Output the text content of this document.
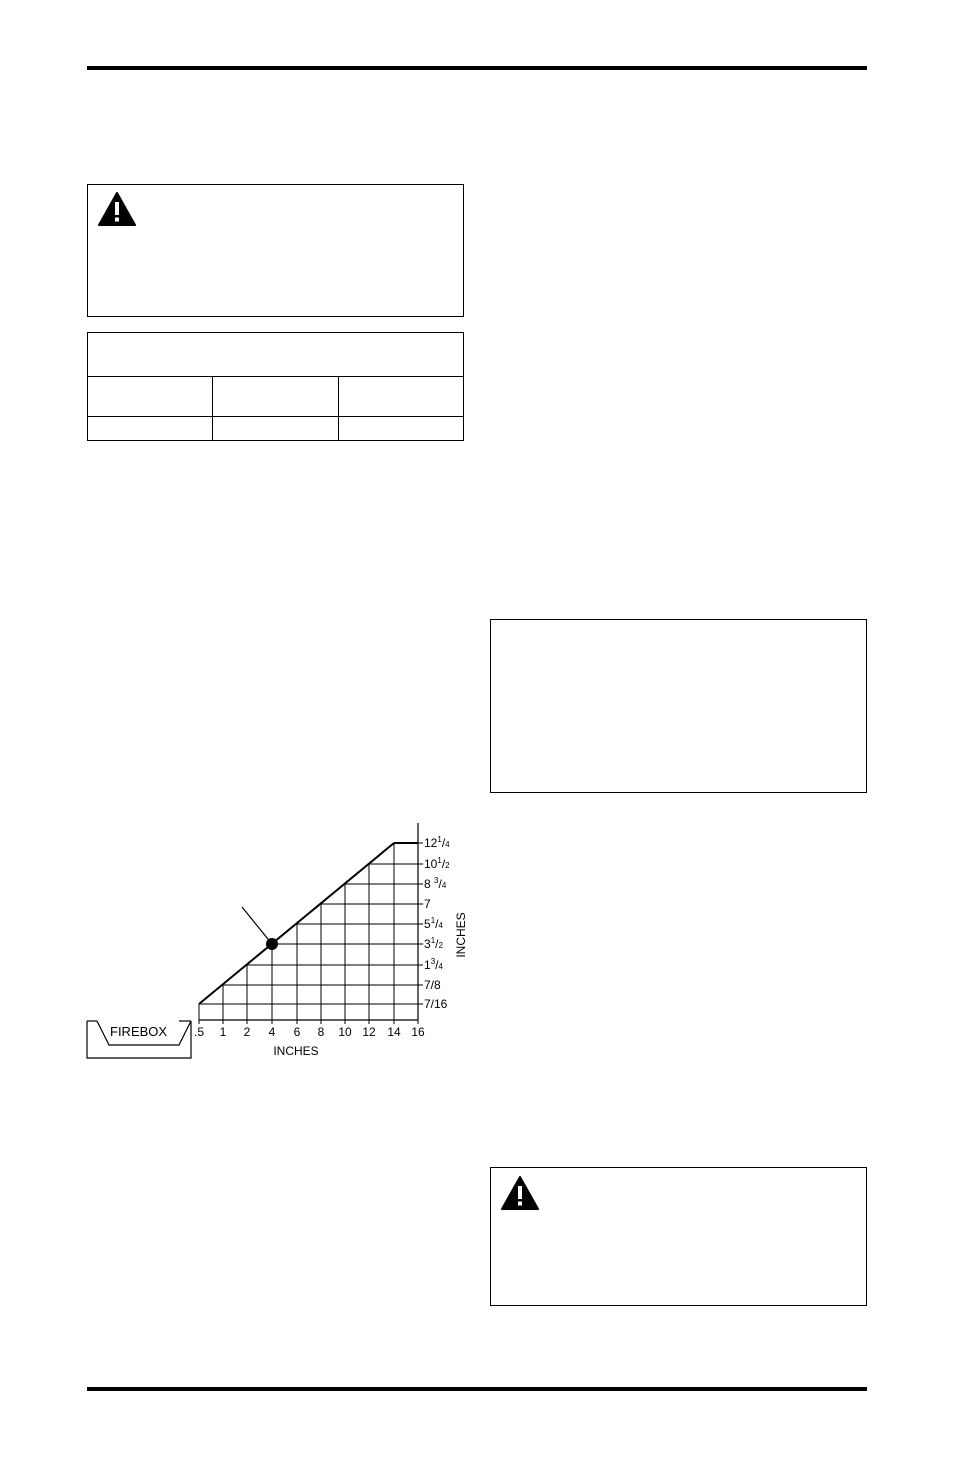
.5 1 2 4 6 8 10 12 14 16
7/16
7/8
$1^3/4$
$3^1/2$
$5^1/4$
7
8 $^3$/4
$10^1/2$
$12^1/4$
FIREBOX
INCHES
INCHES
